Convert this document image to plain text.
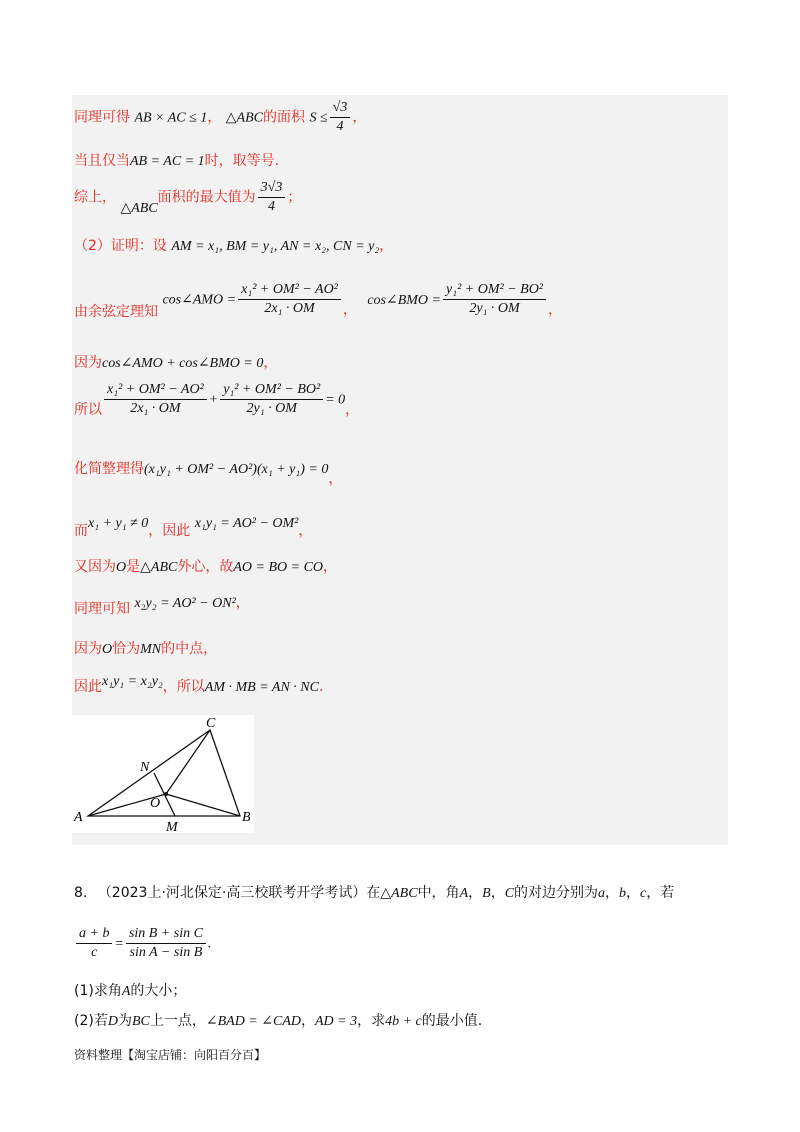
同理可得 AB × AC ≤ 1， △ABC的面积 $S \le \frac{√3}{4}$ ，
当且仅当AB = AC = 1时，取等号.
综上， △ABC面积的最大值为 $\frac{3√3}{4}$ ；
（2）证明：设 AM = x₁, BM = y₁, AN = x₂, CN = y₂，
由余弦定理知 cos∠AMO = $\frac{\text{x₁² + OM² − AO²}}{\text{2x₁ · OM}}$ ， cos∠BMO = $\frac{\text{y₁² + OM² − BO²}}{\text{2y₁ · OM}}$ ，
因为cos∠AMO + cos∠BMO = 0，
所以 $\frac{\text{x₁² + OM² − AO²}}{\text{2x₁ · OM}} + \frac{\text{y₁² + OM² − BO²}}{\text{2y₁ · OM}} = 0$，
化简整理得(x₁y₁ + OM² − AO²)(x₁ + y₁) = 0，
而x₁ + y₁ ≠ 0，因此 x₁y₁ = AO² − OM²，
又因为O是△ABC外心，故AO = BO = CO，
同理可知 x₂y₂ = AO² − ON²，
因为O恰为MN的中点，
因此x₁y₁ = x₂y₂，所以AM · MB = AN · NC.
C
N
O
A	B
M
8. （2023上·河北保定·高三校联考开学考试）在△ABC中，角A，B，C的对边分别为a，b，c，若
$\frac{a + b}{c} = \frac{\text{sin B + sin C}}{\text{sin A − sin B}}$ .
(1)求角A的大小；
(2)若D为BC上一点，∠BAD = ∠CAD，AD = 3，求4b + c的最小值.
资料整理【淘宝店铺：向阳百分百】
